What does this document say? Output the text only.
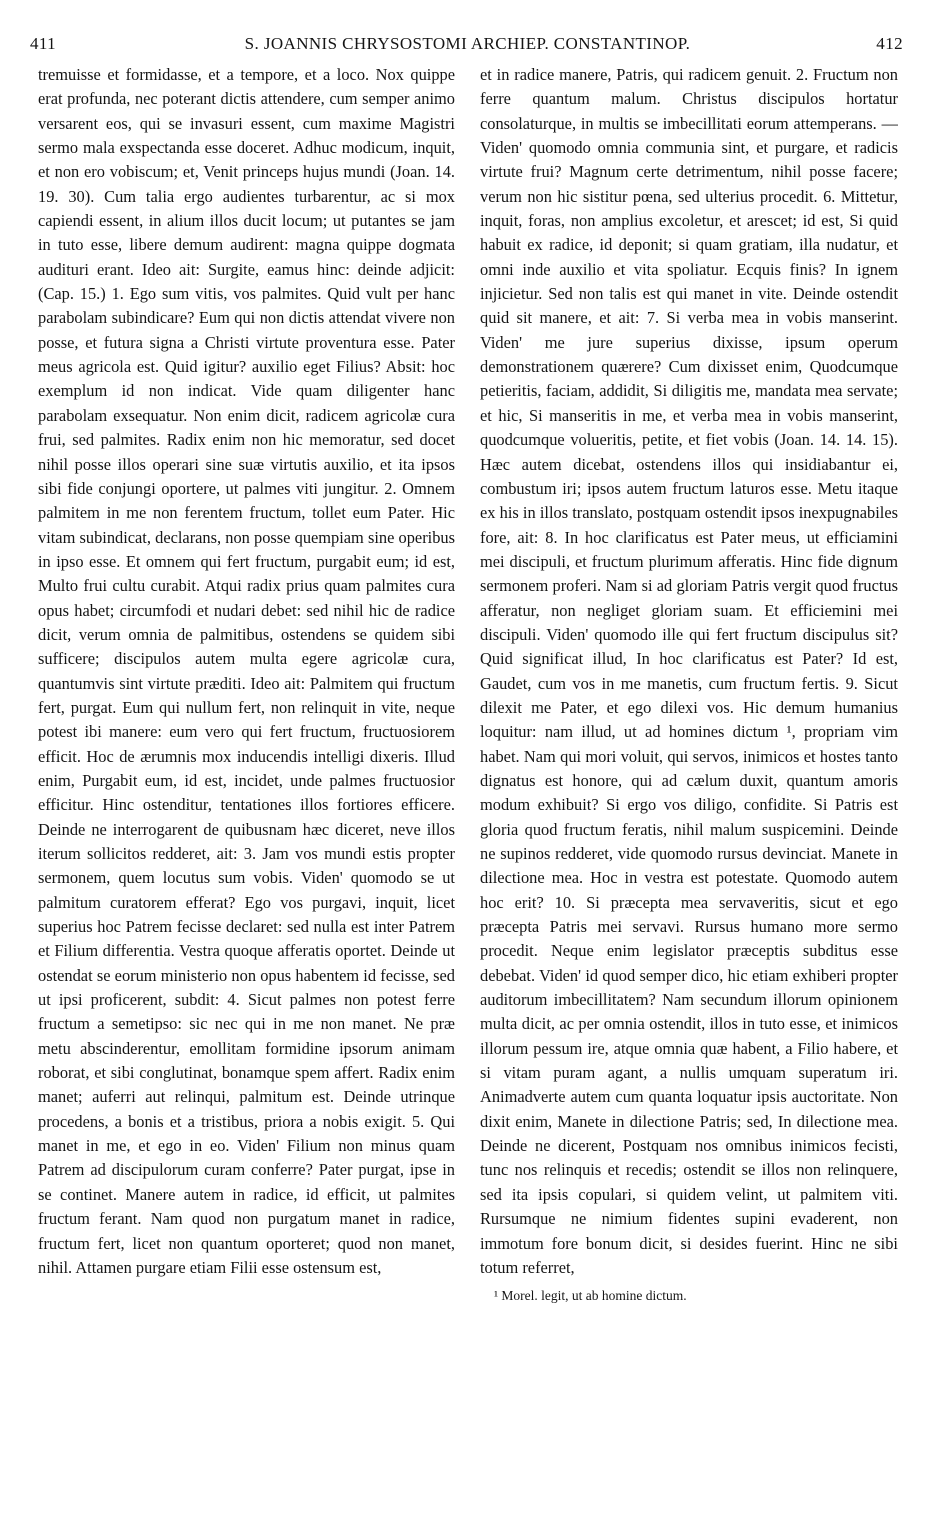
411	S. JOANNIS CHRYSOSTOMI ARCHIEP. CONSTANTINOP.	412

tremuisse et formidasse, et a tempore, et a loco. Nox quippe erat profunda, nec poterant dictis attendere, cum semper animo versarent eos, qui se invasuri essent, cum maxime Magistri sermo mala exspectanda esse doceret. Adhuc modicum, inquit, et non ero vobiscum; et, Venit princeps hujus mundi (Joan. 14. 19. 30). Cum talia ergo audientes turbarentur, ac si mox capiendi essent, in alium illos ducit locum; ut putantes se jam in tuto esse, libere demum audirent: magna quippe dogmata audituri erant. Ideo ait: Surgite, eamus hinc: deinde adjicit: (Cap. 15.) 1. Ego sum vitis, vos palmites. Quid vult per hanc parabolam subindicare? Eum qui non dictis attendat vivere non posse, et futura signa a Christi virtute proventura esse. Pater meus agricola est. Quid igitur? auxilio eget Filius? Absit: hoc exemplum id non indicat. Vide quam diligenter hanc parabolam exsequatur. Non enim dicit, radicem agricolæ cura frui, sed palmites. Radix enim non hic memoratur, sed docet nihil posse illos operari sine suæ virtutis auxilio, et ita ipsos sibi fide conjungi oportere, ut palmes viti jungitur. 2. Omnem palmitem in me non ferentem fructum, tollet eum Pater. Hic vitam subindicat, declarans, non posse quempiam sine operibus in ipso esse. Et omnem qui fert fructum, purgabit eum; id est, Multo frui cultu curabit. Atqui radix prius quam palmites cura opus habet; circumfodi et nudari debet: sed nihil hic de radice dicit, verum omnia de palmitibus, ostendens se quidem sibi sufficere; discipulos autem multa egere agricolæ cura, quantumvis sint virtute præditi. Ideo ait: Palmitem qui fructum fert, purgat. Eum qui nullum fert, non relinquit in vite, neque potest ibi manere: eum vero qui fert fructum, fructuosiorem efficit. Hoc de ærumnis mox inducendis intelligi dixeris. Illud enim, Purgabit eum, id est, incidet, unde palmes fructuosior efficitur. Hinc ostenditur, tentationes illos fortiores efficere. Deinde ne interrogarent de quibusnam hæc diceret, neve illos iterum sollicitos redderet, ait: 3. Jam vos mundi estis propter sermonem, quem locutus sum vobis. Viden' quomodo se ut palmitum curatorem efferat? Ego vos purgavi, inquit, licet superius hoc Patrem fecisse declaret: sed nulla est inter Patrem et Filium differentia. Vestra quoque afferatis oportet. Deinde ut ostendat se eorum ministerio non opus habentem id fecisse, sed ut ipsi proficerent, subdit: 4. Sicut palmes non potest ferre fructum a semetipso: sic nec qui in me non manet. Ne præ metu abscinderentur, emollitam formidine ipsorum animam roborat, et sibi conglutinat, bonamque spem affert. Radix enim manet; auferri aut relinqui, palmitum est. Deinde utrinque procedens, a bonis et a tristibus, priora a nobis exigit. 5. Qui manet in me, et ego in eo. Viden' Filium non minus quam Patrem ad discipulorum curam conferre? Pater purgat, ipse in se continet. Manere autem in radice, id efficit, ut palmites fructum ferant. Nam quod non purgatum manet in radice, fructum fert, licet non quantum oporteret; quod non manet, nihil. Attamen purgare etiam Filii esse ostensum est,

et in radice manere, Patris, qui radicem genuit. 2. Fructum non ferre quantum malum. Christus discipulos hortatur consolaturque, in multis se imbecillitati eorum attemperans. — Viden' quomodo omnia communia sint, et purgare, et radicis virtute frui? Magnum certe detrimentum, nihil posse facere; verum non hic sistitur pœna, sed ulterius procedit. 6. Mittetur, inquit, foras, non amplius excoletur, et arescet; id est, Si quid habuit ex radice, id deponit; si quam gratiam, illa nudatur, et omni inde auxilio et vita spoliatur. Ecquis finis? In ignem injicietur. Sed non talis est qui manet in vite. Deinde ostendit quid sit manere, et ait: 7. Si verba mea in vobis manserint. Viden' me jure superius dixisse, ipsum operum demonstrationem quærere? Cum dixisset enim, Quodcumque petieritis, faciam, addidit, Si diligitis me, mandata mea servate; et hic, Si manseritis in me, et verba mea in vobis manserint, quodcumque volueritis, petite, et fiet vobis (Joan. 14. 14. 15). Hæc autem dicebat, ostendens illos qui insidiabantur ei, combustum iri; ipsos autem fructum laturos esse. Metu itaque ex his in illos translato, postquam ostendit ipsos inexpugnabiles fore, ait: 8. In hoc clarificatus est Pater meus, ut efficiamini mei discipuli, et fructum plurimum afferatis. Hinc fide dignum sermonem proferi. Nam si ad gloriam Patris vergit quod fructus afferatur, non negliget gloriam suam. Et efficiemini mei discipuli. Viden' quomodo ille qui fert fructum discipulus sit? Quid significat illud, In hoc clarificatus est Pater? Id est, Gaudet, cum vos in me manetis, cum fructum fertis. 9. Sicut dilexit me Pater, et ego dilexi vos. Hic demum humanius loquitur: nam illud, ut ad homines dictum ¹, propriam vim habet. Nam qui mori voluit, qui servos, inimicos et hostes tanto dignatus est honore, qui ad cælum duxit, quantum amoris modum exhibuit? Si ergo vos diligo, confidite. Si Patris est gloria quod fructum feratis, nihil malum suspicemini. Deinde ne supinos redderet, vide quomodo rursus devinciat. Manete in dilectione mea. Hoc in vestra est potestate. Quomodo autem hoc erit? 10. Si præcepta mea servaveritis, sicut et ego præcepta Patris mei servavi. Rursus humano more sermo procedit. Neque enim legislator præceptis subditus esse debebat. Viden' id quod semper dico, hic etiam exhiberi propter auditorum imbecillitatem? Nam secundum illorum opinionem multa dicit, ac per omnia ostendit, illos in tuto esse, et inimicos illorum pessum ire, atque omnia quæ habent, a Filio habere, et si vitam puram agant, a nullis umquam superatum iri. Animadverte autem cum quanta loquatur ipsis auctoritate. Non dixit enim, Manete in dilectione Patris; sed, In dilectione mea. Deinde ne dicerent, Postquam nos omnibus inimicos fecisti, tunc nos relinquis et recedis; ostendit se illos non relinquere, sed ita ipsis copulari, si quidem velint, ut palmitem viti. Rursumque ne nimium fidentes supini evaderent, non immotum fore bonum dicit, si desides fuerint. Hinc ne sibi totum referret,

¹ Morel. legit, ut ab homine dictum.
